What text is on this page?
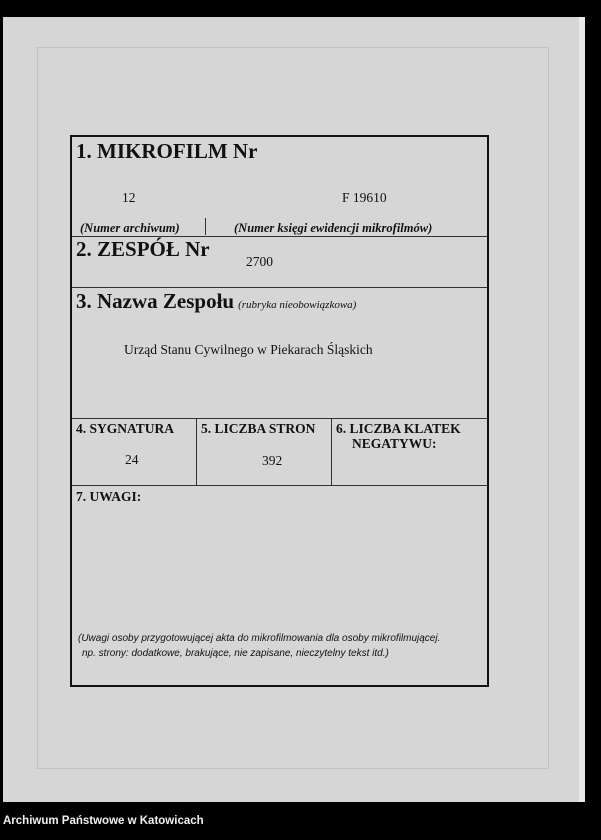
1. MIKROFILM Nr
12	F 19610
(Numer archiwum)	(Numer księgi ewidencji mikrofilmów)
2. ZESPÓŁ Nr
2700
3. Nazwa Zespołu (rubryka nieobowiązkowa)
Urząd Stanu Cywilnego w Piekarach Śląskich
4. SYGNATURA
24
5. LICZBA STRON
392
6. LICZBA KLATEK
NEGATYWU:
7. UWAGI:
(Uwagi osoby przygotowującej akta do mikrofilmowania dla osoby mikrofilmującej.
np. strony: dodatkowe, brakujące, nie zapisane, nieczytelny tekst itd.)
Archiwum Państwowe w Katowicach
